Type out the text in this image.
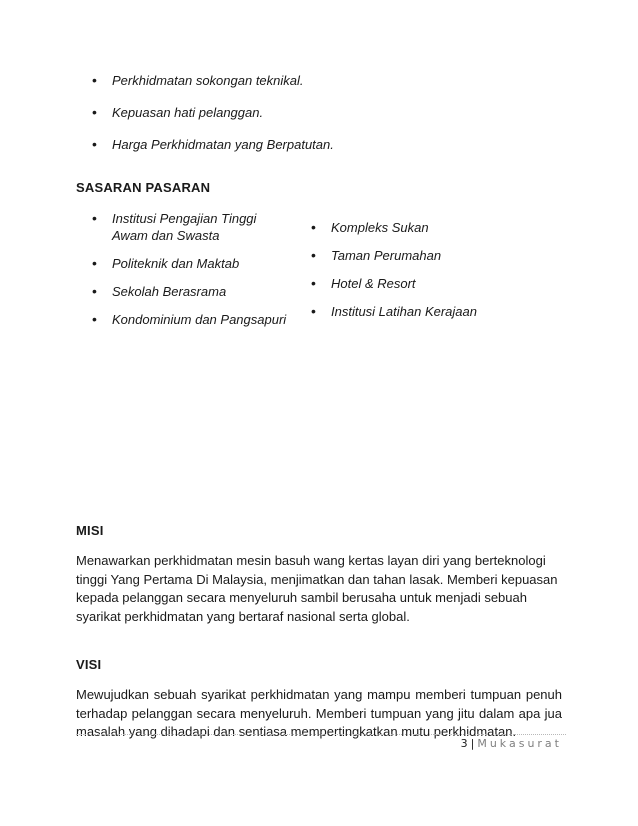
• Perkhidmatan sokongan teknikal.
• Kepuasan hati pelanggan.
• Harga Perkhidmatan yang Berpatutan.
SASARAN PASARAN
• Institusi Pengajian Tinggi Awam dan Swasta
• Politeknik dan Maktab
• Sekolah Berasrama
• Kondominium dan Pangsapuri
• Kompleks Sukan
• Taman Perumahan
• Hotel & Resort
• Institusi Latihan Kerajaan
MISI

Menawarkan perkhidmatan mesin basuh wang kertas layan diri yang berteknologi tinggi Yang Pertama Di Malaysia, menjimatkan dan tahan lasak. Memberi kepuasan kepada pelanggan secara menyeluruh sambil berusaha untuk menjadi sebuah syarikat perkhidmatan yang bertaraf nasional serta global.

VISI

Mewujudkan sebuah syarikat perkhidmatan yang mampu memberi tumpuan penuh terhadap pelanggan secara menyeluruh. Memberi tumpuan yang jitu dalam apa jua masalah yang dihadapi dan sentiasa mempertingkatkan mutu perkhidmatan.

3 | Mukasurat
